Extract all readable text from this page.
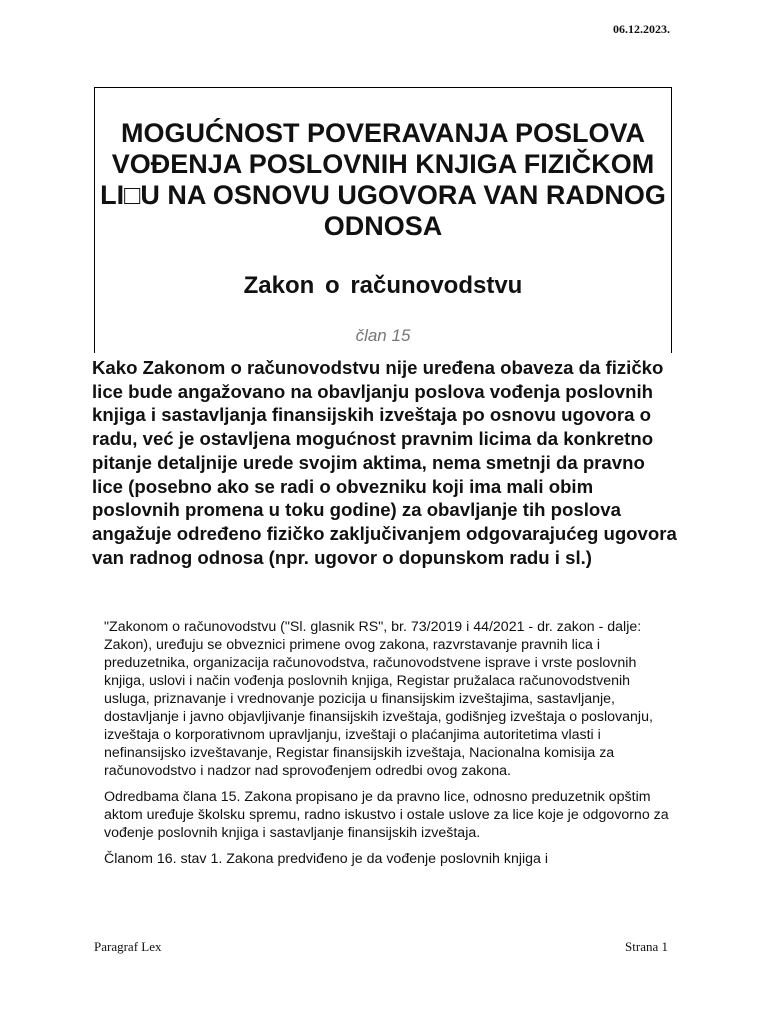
06.12.2023.
MOGUĆNOST POVERAVANJA POSLOVA VOĐENJA POSLOVNIH KNJIGA FIZIČKOM LI□U NA OSNOVU UGOVORA VAN RADNOG ODNOSA
Zakon o računovodstvu
član 15

Kako Zakonom o računovodstvu nije uređena obaveza da fizičko lice bude angažovano na obavljanju poslova vođenja poslovnih knjiga i sastavljanja finansijskih izveštaja po osnovu ugovora o radu, već je ostavljena mogućnost pravnim licima da konkretno pitanje detaljnije urede svojim aktima, nema smetnji da pravno lice (posebno ako se radi o obvezniku koji ima mali obim poslovnih promena u toku godine) za obavljanje tih poslova angažuje određeno fizičko zaključivanjem odgovarajućeg ugovora van radnog odnosa (npr. ugovor o dopunskom radu i sl.)

"Zakonom o računovodstvu ("Sl. glasnik RS", br. 73/2019 i 44/2021 - dr. zakon - dalje: Zakon), uređuju se obveznici primene ovog zakona, razvrstavanje pravnih lica i preduzetnika, organizacija računovodstva, računovodstvene isprave i vrste poslovnih knjiga, uslovi i način vođenja poslovnih knjiga, Registar pružalaca računovodstvenih usluga, priznavanje i vrednovanje pozicija u finansijskim izveštajima, sastavljanje, dostavljanje i javno objavljivanje finansijskih izveštaja, godišnjeg izveštaja o poslovanju, izveštaja o korporativnom upravljanju, izveštaji o plaćanjima autoritetima vlasti i nefinansijsko izveštavanje, Registar finansijskih izveštaja, Nacionalna komisija za računovodstvo i nadzor nad sprovođenjem odredbi ovog zakona.

Odredbama člana 15. Zakona propisano je da pravno lice, odnosno preduzetnik opštim aktom uređuje školsku spremu, radno iskustvo i ostale uslove za lice koje je odgovorno za vođenje poslovnih knjiga i sastavljanje finansijskih izveštaja.

Članom 16. stav 1. Zakona predviđeno je da vođenje poslovnih knjiga i

Paragraf Lex	Strana 1
